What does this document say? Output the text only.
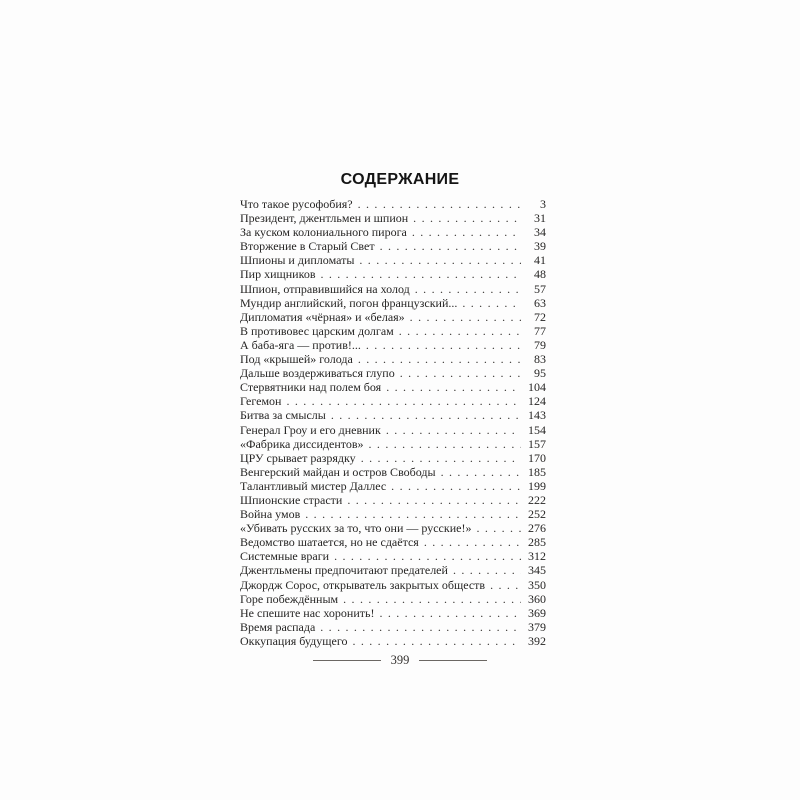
СОДЕРЖАНИЕ
Что такое русофобия? . . .	3
Президент, джентльмен и шпион . . .	31
За куском колониального пирога . . .	34
Вторжение в Старый Свет . . .	39
Шпионы и дипломаты . . .	41
Пир хищников . . .	48
Шпион, отправившийся на холод . . .	57
Мундир английский, погон французский... . . .	63
Дипломатия «чёрная» и «белая» . . .	72
В противовес царским долгам . . .	77
А баба-яга — против!... . . .	79
Под «крышей» голода . . .	83
Дальше воздерживаться глупо . . .	95
Стервятники над полем боя . . .	104
Гегемон . . .	124
Битва за смыслы . . .	143
Генерал Гроу и его дневник . . .	154
«Фабрика диссидентов» . . .	157
ЦРУ срывает разрядку . . .	170
Венгерский майдан и остров Свободы . . .	185
Талантливый мистер Даллес . . .	199
Шпионские страсти . . .	222
Война умов . . .	252
«Убивать русских за то, что они — русские!» . . .	276
Ведомство шатается, но не сдаётся . . .	285
Системные враги . . .	312
Джентльмены предпочитают предателей . . .	345
Джордж Сорос, открыватель закрытых обществ . . .	350
Горе побеждённым . . .	360
Не спешите нас хоронить! . . .	369
Время распада . . .	379
Оккупация будущего . . .	392
399
